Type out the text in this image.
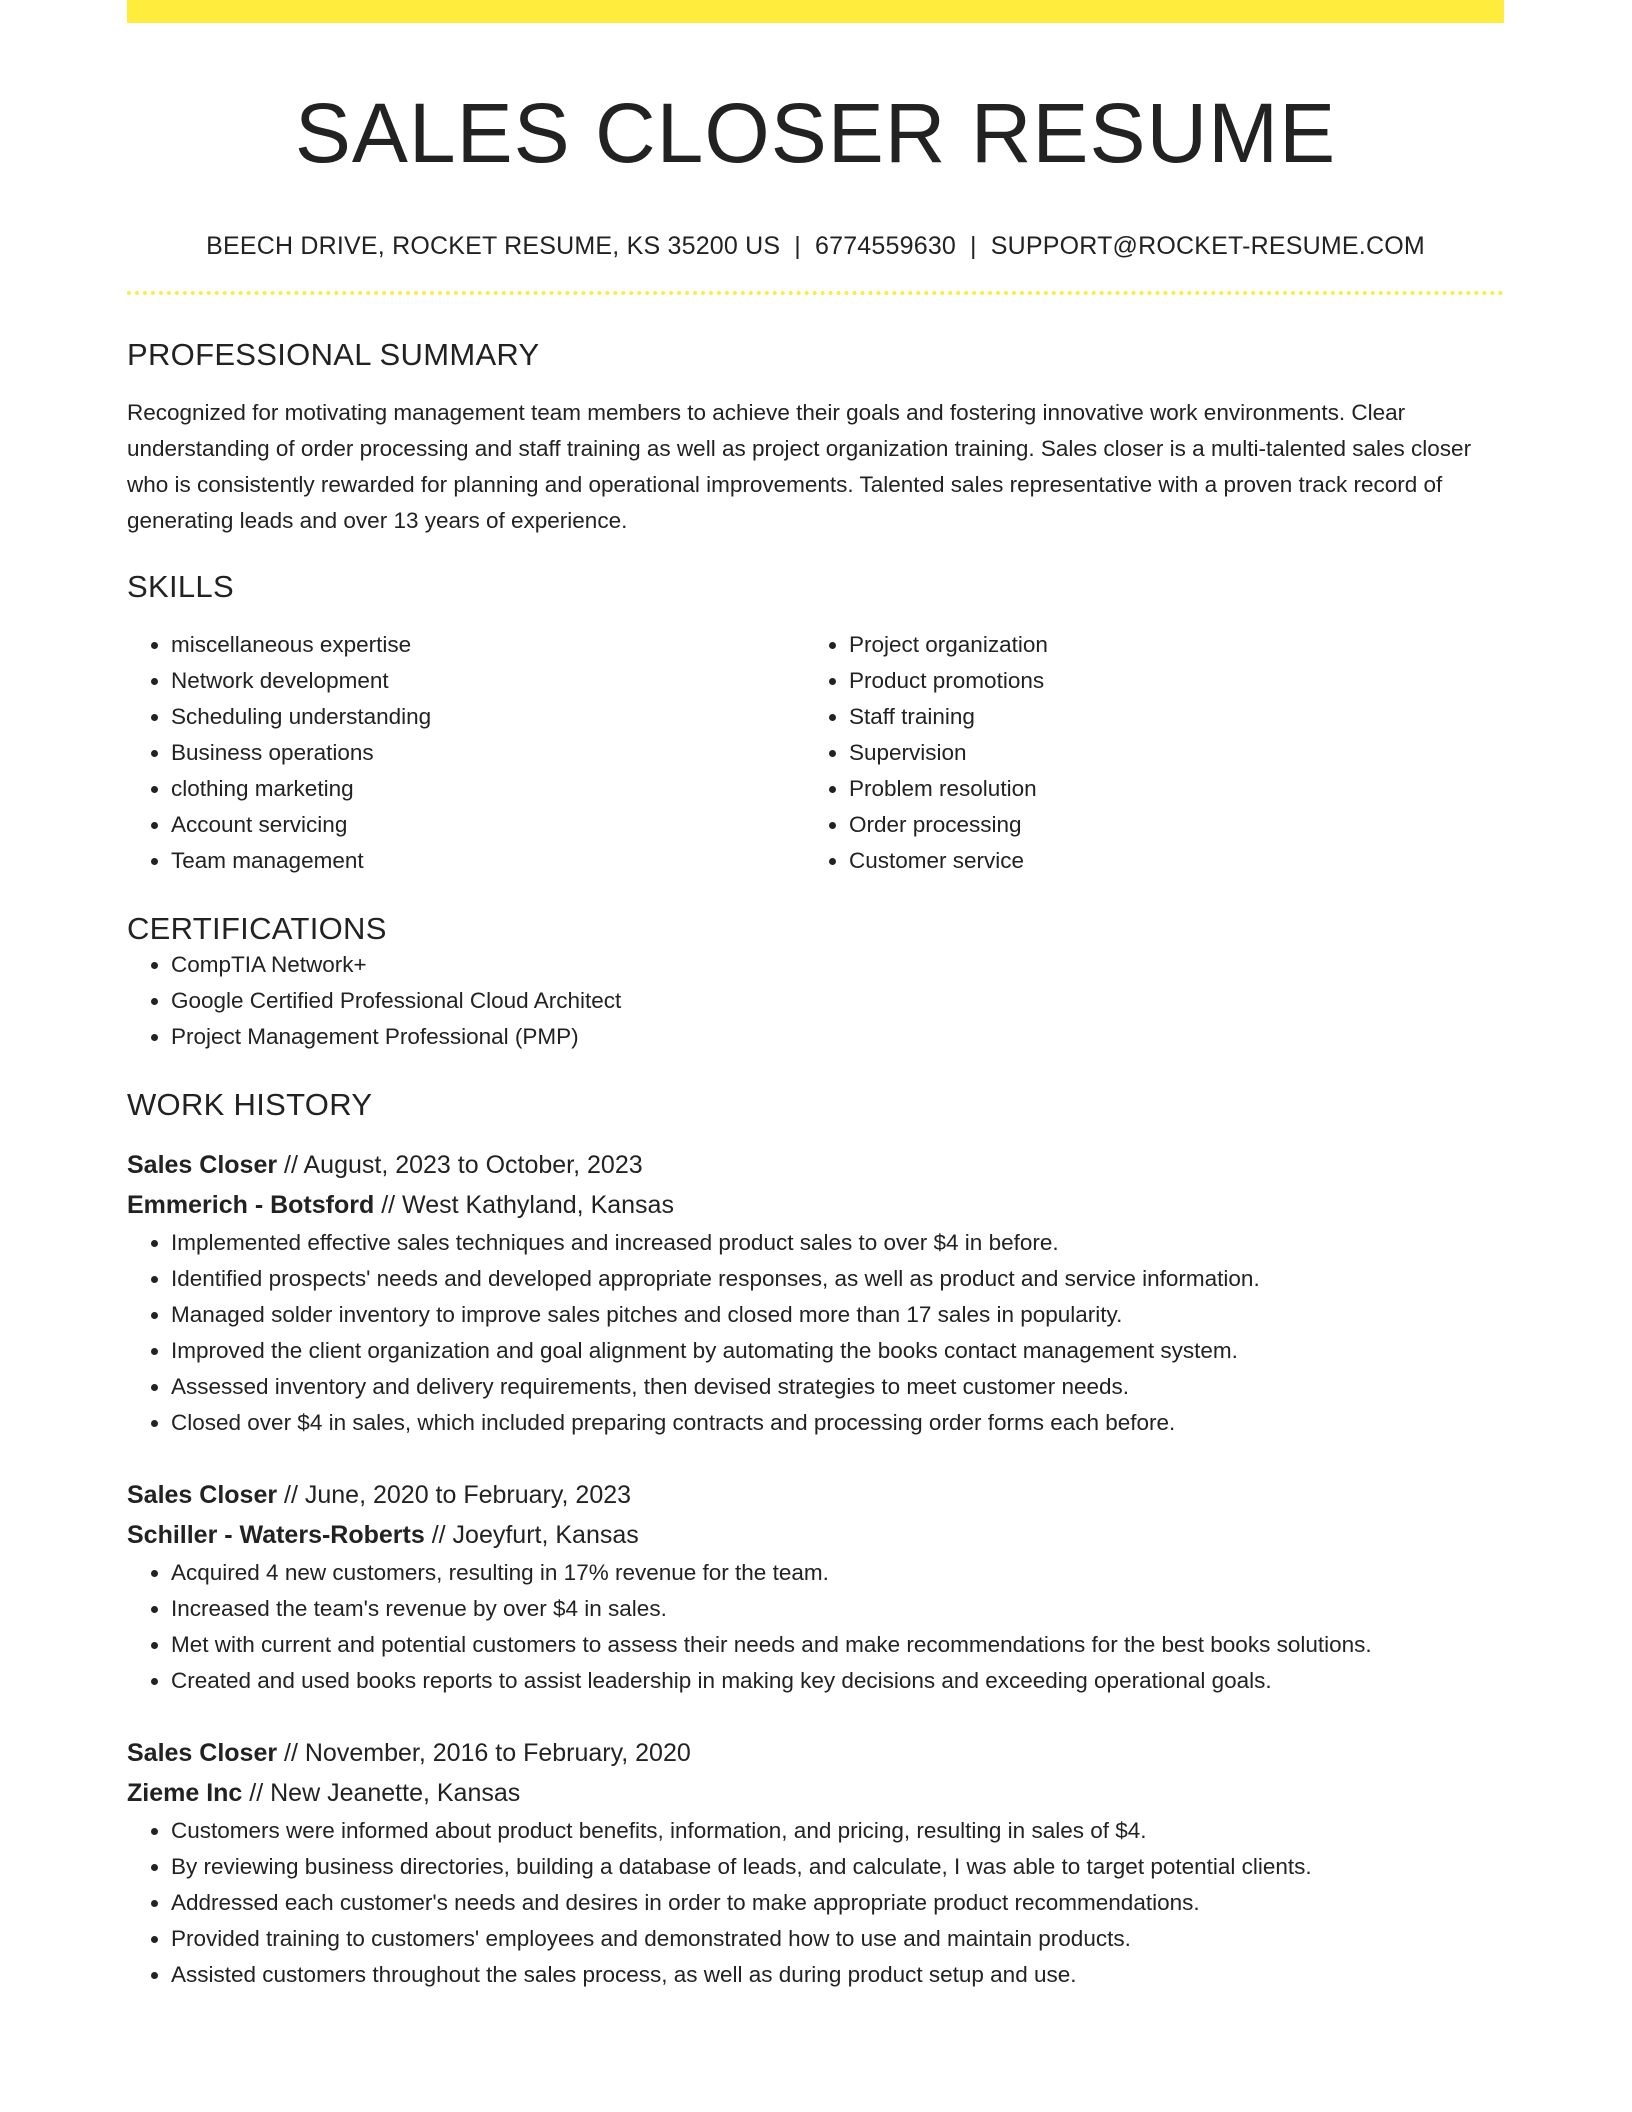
SALES CLOSER RESUME
BEECH DRIVE, ROCKET RESUME, KS 35200 US | 6774559630 | SUPPORT@ROCKET-RESUME.COM
PROFESSIONAL SUMMARY

Recognized for motivating management team members to achieve their goals and fostering innovative work environments. Clear understanding of order processing and staff training as well as project organization training. Sales closer is a multi-talented sales closer who is consistently rewarded for planning and operational improvements. Talented sales representative with a proven track record of generating leads and over 13 years of experience.

SKILLS
• miscellaneous expertise
• Network development
• Scheduling understanding
• Business operations
• clothing marketing
• Account servicing
• Team management
• Project organization
• Product promotions
• Staff training
• Supervision
• Problem resolution
• Order processing
• Customer service
CERTIFICATIONS
• CompTIA Network+
• Google Certified Professional Cloud Architect
• Project Management Professional (PMP)
WORK HISTORY
Sales Closer // August, 2023 to October, 2023
Emmerich - Botsford // West Kathyland, Kansas
• Implemented effective sales techniques and increased product sales to over $4 in before.
• Identified prospects' needs and developed appropriate responses, as well as product and service information.
• Managed solder inventory to improve sales pitches and closed more than 17 sales in popularity.
• Improved the client organization and goal alignment by automating the books contact management system.
• Assessed inventory and delivery requirements, then devised strategies to meet customer needs.
• Closed over $4 in sales, which included preparing contracts and processing order forms each before.
Sales Closer // June, 2020 to February, 2023
Schiller - Waters-Roberts // Joeyfurt, Kansas
• Acquired 4 new customers, resulting in 17% revenue for the team.
• Increased the team's revenue by over $4 in sales.
• Met with current and potential customers to assess their needs and make recommendations for the best books solutions.
• Created and used books reports to assist leadership in making key decisions and exceeding operational goals.
Sales Closer // November, 2016 to February, 2020
Zieme Inc // New Jeanette, Kansas
• Customers were informed about product benefits, information, and pricing, resulting in sales of $4.
• By reviewing business directories, building a database of leads, and calculate, I was able to target potential clients.
• Addressed each customer's needs and desires in order to make appropriate product recommendations.
• Provided training to customers' employees and demonstrated how to use and maintain products.
• Assisted customers throughout the sales process, as well as during product setup and use.
